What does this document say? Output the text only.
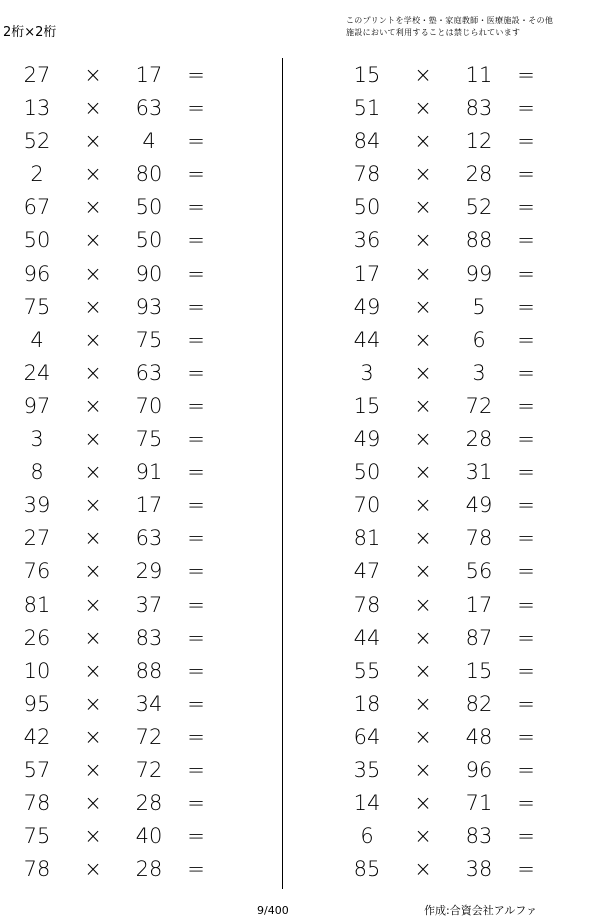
2桁×2桁
このプリントを学校・塾・家庭教師・医療施設・その他
施設において利用することは禁じられています
27	×	17	=
13	×	63	=
52	×	4	=
2	×	80	=
67	×	50	=
50	×	50	=
96	×	90	=
75	×	93	=
4	×	75	=
24	×	63	=
97	×	70	=
3	×	75	=
8	×	91	=
39	×	17	=
27	×	63	=
76	×	29	=
81	×	37	=
26	×	83	=
10	×	88	=
95	×	34	=
42	×	72	=
57	×	72	=
78	×	28	=
75	×	40	=
78	×	28	=
15	×	11	=
51	×	83	=
84	×	12	=
78	×	28	=
50	×	52	=
36	×	88	=
17	×	99	=
49	×	5	=
44	×	6	=
3	×	3	=
15	×	72	=
49	×	28	=
50	×	31	=
70	×	49	=
81	×	78	=
47	×	56	=
78	×	17	=
44	×	87	=
55	×	15	=
18	×	82	=
64	×	48	=
35	×	96	=
14	×	71	=
6	×	83	=
85	×	38	=
9/400	作成:合資会社アルファ
